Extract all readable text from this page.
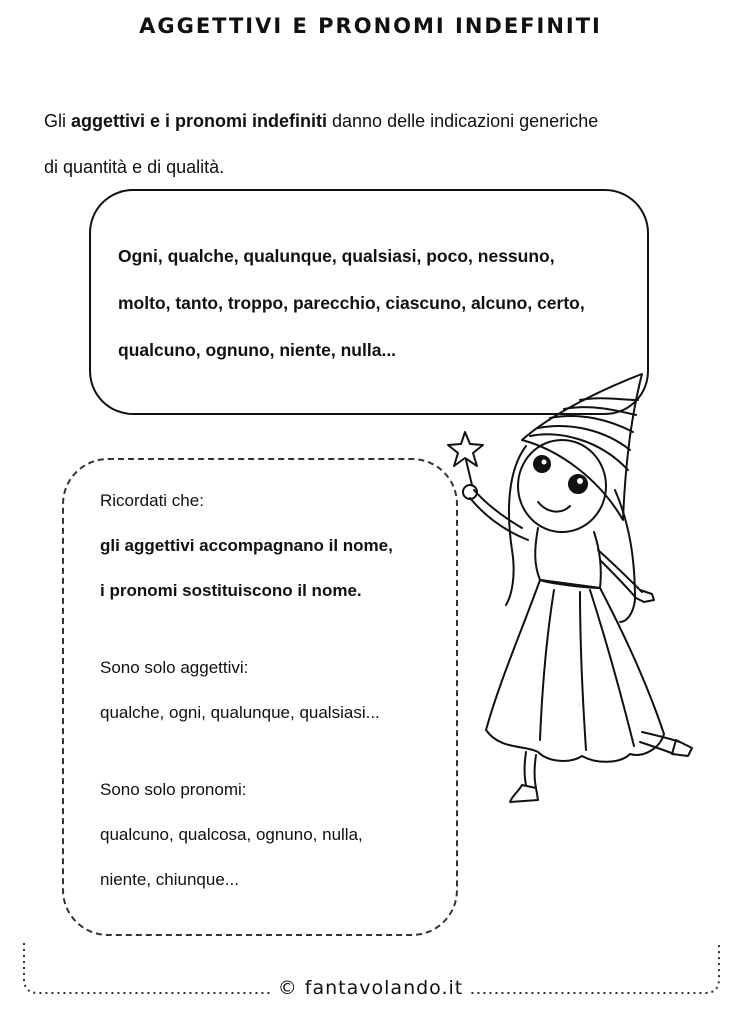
AGGETTIVI E PRONOMI INDEFINITI
Gli aggettivi e i pronomi indefiniti danno delle indicazioni generiche
di quantità e di qualità.
Ogni, qualche, qualunque, qualsiasi, poco, nessuno,
molto, tanto, troppo, parecchio, ciascuno, alcuno, certo,
qualcuno, ognuno, niente, nulla...
Ricordati che:
gli aggettivi accompagnano il nome,
i pronomi sostituiscono il nome.
Sono solo aggettivi:
qualche, ogni, qualunque, qualsiasi...
Sono solo pronomi:
qualcuno, qualcosa, ognuno, nulla,
niente, chiunque...
© fantavolando.it
